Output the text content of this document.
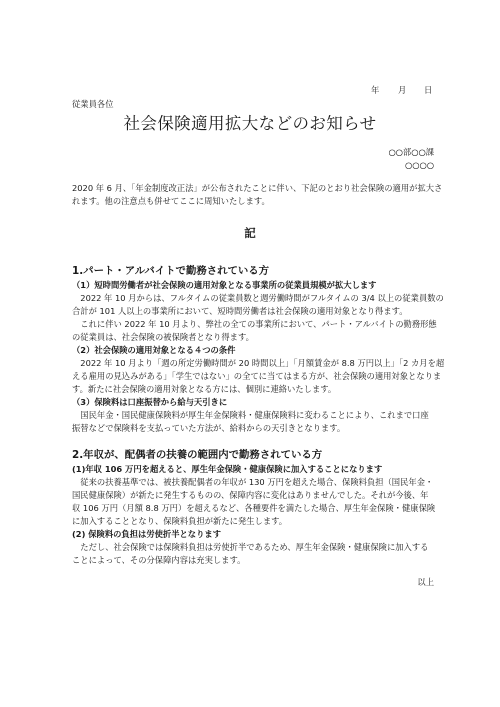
年 月 日
従業員各位
社会保険適用拡大などのお知らせ
○○部○○課
○○○○

2020 年 6 月、「年金制度改正法」が公布されたことに伴い、下記のとおり社会保険の適用が拡大さ

れます。他の注意点も併せてここに周知いたします。

記
1.パート・アルバイトで勤務されている方

（1）短時間労働者が社会保険の適用対象となる事業所の従業員規模が拡大します

　2022 年 10 月からは、フルタイムの従業員数と週労働時間がフルタイムの 3/4 以上の従業員数の

合計が 101 人以上の事業所において、短時間労働者は社会保険の適用対象となり得ます。

　これに伴い 2022 年 10 月より、弊社の全ての事業所において、パート・アルバイトの勤務形態

の従業員は、社会保険の被保険者となり得ます。

（2）社会保険の適用対象となる４つの条件

　2022 年 10 月より「週の所定労働時間が 20 時間以上」「月額賃金が 8.8 万円以上」「2 カ月を超

える雇用の見込みがある」「学生ではない」の全てに当てはまる方が、社会保険の適用対象となりま

す。新たに社会保険の適用対象となる方には、個別に連絡いたします。

（3）保険料は口座振替から給与天引きに

　国民年金・国民健康保険料が厚生年金保険料・健康保険料に変わることにより、これまで口座

振替などで保険料を支払っていた方法が、給料からの天引きとなります。

2.年収が、配偶者の扶養の範囲内で勤務されている方

(1)年収 106 万円を超えると、厚生年金保険・健康保険に加入することになります

　従来の扶養基準では、被扶養配偶者の年収が 130 万円を超えた場合、保険料負担（国民年金・

国民健康保険）が新たに発生するものの、保障内容に変化はありませんでした。それが今後、年

収 106 万円（月額 8.8 万円）を超えるなど、各種要件を満たした場合、厚生年金保険・健康保険

に加入することとなり、保険料負担が新たに発生します。

(2) 保険料の負担は労使折半となります

　ただし、社会保険では保険料負担は労使折半であるため、厚生年金保険・健康保険に加入する

ことによって、その分保障内容は充実します。

以上
